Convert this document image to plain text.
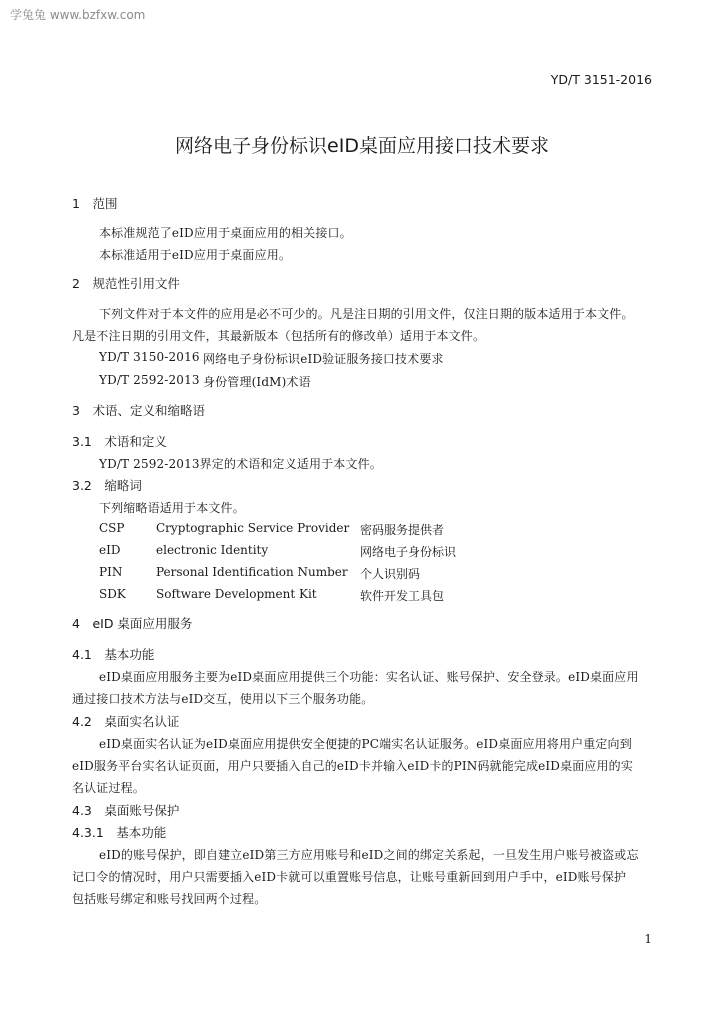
学兔兔 www.bzfxw.com
YD/T 3151-2016
网络电子身份标识eID桌面应用接口技术要求
1　范围
本标准规范了eID应用于桌面应用的相关接口。
本标准适用于eID应用于桌面应用。
2　规范性引用文件
下列文件对于本文件的应用是必不可少的。凡是注日期的引用文件，仅注日期的版本适用于本文件。
凡是不注日期的引用文件，其最新版本（包括所有的修改单）适用于本文件。
YD/T 3150-2016 网络电子身份标识eID验证服务接口技术要求
YD/T 2592-2013 身份管理(IdM)术语
3　术语、定义和缩略语
3.1　术语和定义
YD/T 2592-2013界定的术语和定义适用于本文件。
3.2　缩略词
下列缩略语适用于本文件。
CSP	Cryptographic Service Provider 密码服务提供者
eID	electronic Identity	网络电子身份标识
PIN	Personal Identification Number 个人识别码
SDK	Software Development Kit	软件开发工具包
4　eID 桌面应用服务
4.1　基本功能
eID桌面应用服务主要为eID桌面应用提供三个功能：实名认证、账号保护、安全登录。eID桌面应用
通过接口技术方法与eID交互，使用以下三个服务功能。
4.2　桌面实名认证
eID桌面实名认证为eID桌面应用提供安全便捷的PC端实名认证服务。eID桌面应用将用户重定向到
eID服务平台实名认证页面，用户只要插入自己的eID卡并输入eID卡的PIN码就能完成eID桌面应用的实
名认证过程。
4.3　桌面账号保护
4.3.1　基本功能
eID的账号保护，即自建立eID第三方应用账号和eID之间的绑定关系起，一旦发生用户账号被盗或忘
记口令的情况时，用户只需要插入eID卡就可以重置账号信息，让账号重新回到用户手中，eID账号保护
包括账号绑定和账号找回两个过程。
1
